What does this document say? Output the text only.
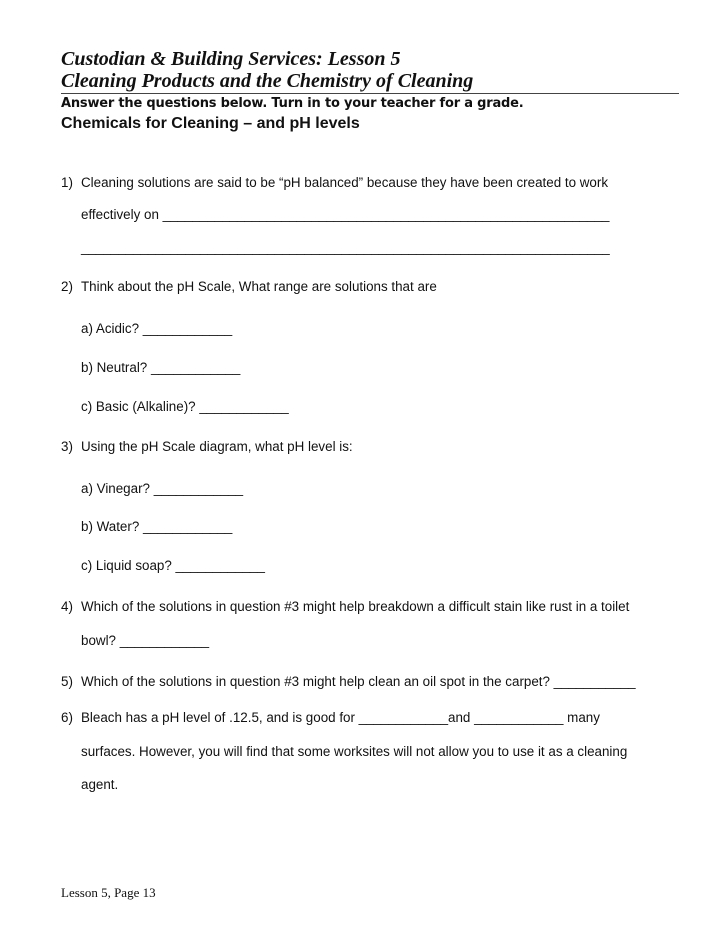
Custodian & Building Services: Lesson 5
Cleaning Products and the Chemistry of Cleaning
Answer the questions below. Turn in to your teacher for a grade.
Chemicals for Cleaning – and pH levels
1) Cleaning solutions are said to be “pH balanced” because they have been created to work
effectively on ____________________________________________________________
_______________________________________________________________________
2) Think about the pH Scale, What range are solutions that are
a) Acidic? ____________
b) Neutral? ____________
c) Basic (Alkaline)? ____________
3) Using the pH Scale diagram, what pH level is:
a) Vinegar? ____________
b) Water? ____________
c) Liquid soap? ____________
4) Which of the solutions in question #3 might help breakdown a difficult stain like rust in a toilet
bowl? ____________
5) Which of the solutions in question #3 might help clean an oil spot in the carpet? ___________
6) Bleach has a pH level of .12.5, and is good for ____________and ____________ many
surfaces. However, you will find that some worksites will not allow you to use it as a cleaning
agent.
Lesson 5, Page 13
